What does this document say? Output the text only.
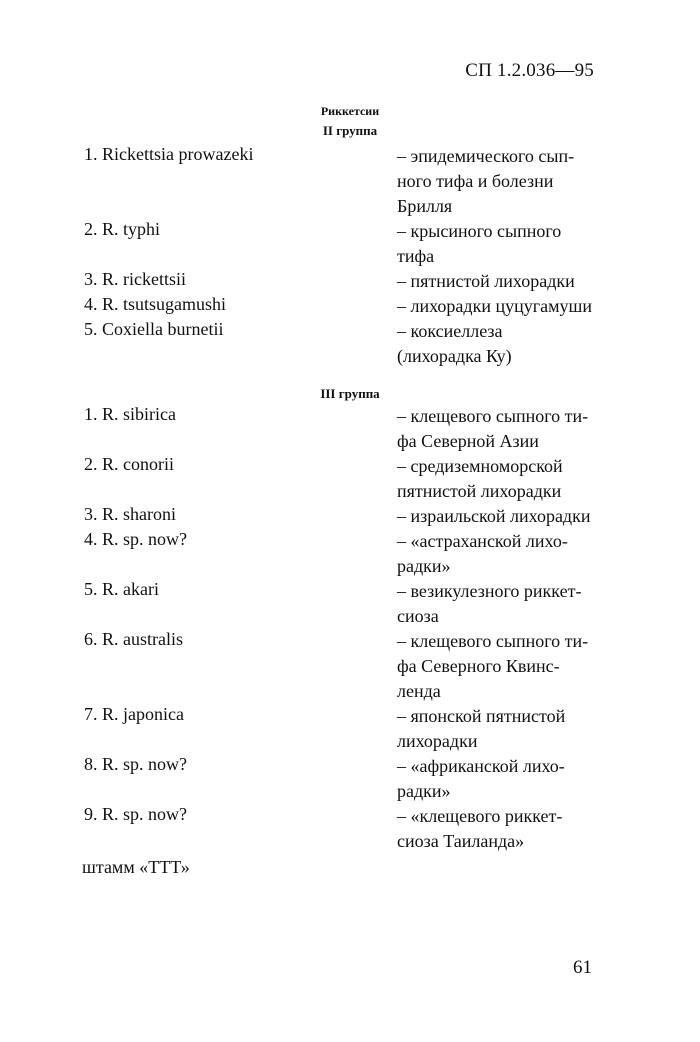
СП 1.2.036—95
Риккетсии
II группа
1. Rickettsia prowazeki	– эпидемического сып-
ного тифа и болезни
Брилля
2. R. typhi	– крысиного сыпного
тифа
3. R. rickettsii	– пятнистой лихорадки
4. R. tsutsugamushi	– лихорадки цуцугамуши
5. Coxiella burnetii	– коксиеллеза
(лихорадка Ку)
III группа
1. R. sibirica	– клещевого сыпного ти-
фа Северной Азии
2. R. conorii	– средиземноморской
пятнистой лихорадки
3. R. sharoni	– израильской лихорадки
4. R. sp. now?	– «астраханской лихо-
радки»
5. R. akari	– везикулезного риккет-
сиоза
6. R. australis	– клещевого сыпного ти-
фа Северного Квинс-
ленда
7. R. japonica	– японской пятнистой
лихорадки
8. R. sp. now?	– «африканской лихо-
радки»
9. R. sp. now?	– «клещевого риккет-
сиоза Таиланда»
штамм «ТТТ»
61
